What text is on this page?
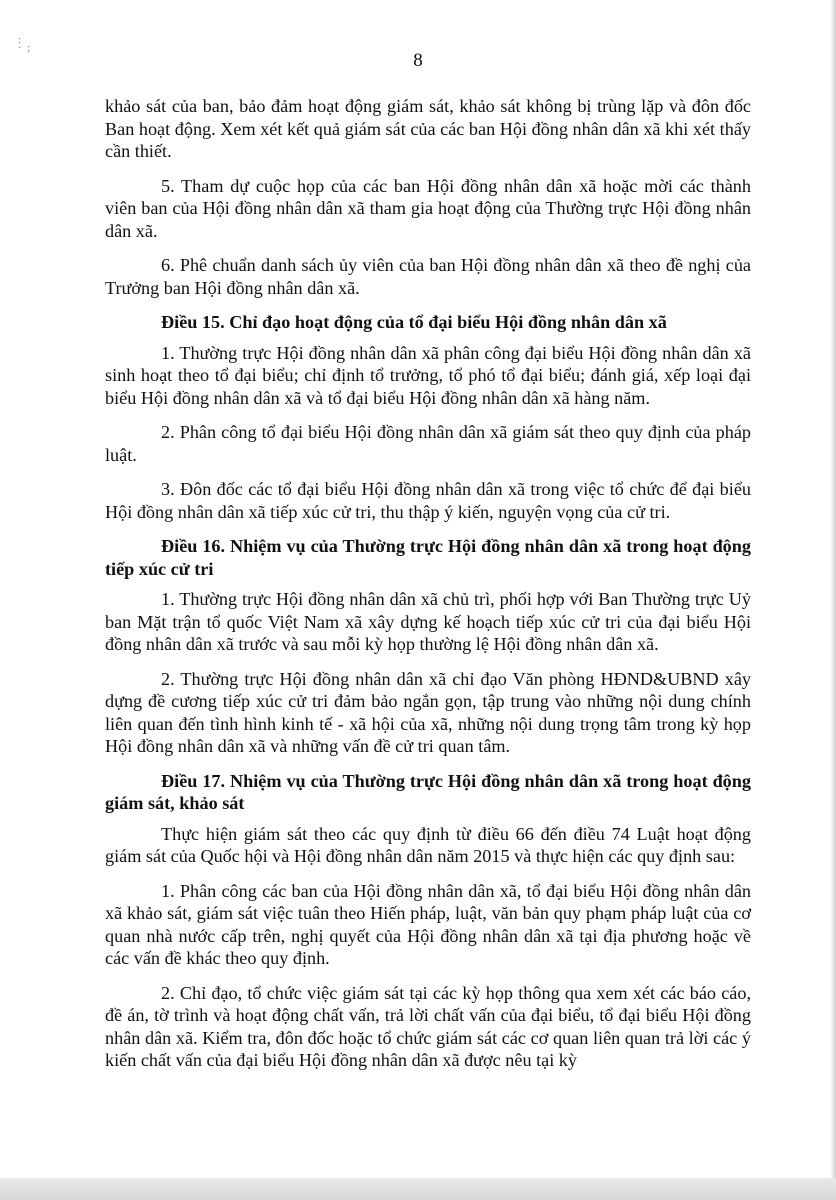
:
·  ;
8
khảo sát của ban, bảo đảm hoạt động giám sát, khảo sát không bị trùng lặp và đôn đốc Ban hoạt động. Xem xét kết quả giám sát của các ban Hội đồng nhân dân xã khi xét thấy cần thiết.
5. Tham dự cuộc họp của các ban Hội đồng nhân dân xã hoặc mời các thành viên ban của Hội đồng nhân dân xã tham gia hoạt động của Thường trực Hội đồng nhân dân xã.
6. Phê chuẩn danh sách ủy viên của ban Hội đồng nhân dân xã theo đề nghị của Trưởng ban Hội đồng nhân dân xã.
Điều 15. Chỉ đạo hoạt động của tổ đại biểu Hội đồng nhân dân xã
1. Thường trực Hội đồng nhân dân xã phân công đại biểu Hội đồng nhân dân xã sinh hoạt theo tổ đại biểu; chỉ định tổ trưởng, tổ phó tổ đại biểu; đánh giá, xếp loại đại biểu Hội đồng nhân dân xã và tổ đại biểu Hội đồng nhân dân xã hàng năm.
2. Phân công tổ đại biểu Hội đồng nhân dân xã giám sát theo quy định của pháp luật.
3. Đôn đốc các tổ đại biểu Hội đồng nhân dân xã trong việc tổ chức để đại biểu Hội đồng nhân dân xã tiếp xúc cử tri, thu thập ý kiến, nguyện vọng của cử tri.
Điều 16. Nhiệm vụ của Thường trực Hội đồng nhân dân xã trong hoạt động tiếp xúc cử tri
1. Thường trực Hội đồng nhân dân xã chủ trì, phối hợp với Ban Thường trực Uỷ ban Mặt trận tổ quốc Việt Nam xã xây dựng kế hoạch tiếp xúc cử tri của đại biểu Hội đồng nhân dân xã trước và sau mỗi kỳ họp thường lệ Hội đồng nhân dân xã.
2. Thường trực Hội đồng nhân dân xã chỉ đạo Văn phòng HĐND&UBND xây dựng đề cương tiếp xúc cử tri đảm bảo ngắn gọn, tập trung vào những nội dung chính liên quan đến tình hình kinh tế - xã hội của xã, những nội dung trọng tâm trong kỳ họp Hội đồng nhân dân xã và những vấn đề cử tri quan tâm.
Điều 17. Nhiệm vụ của Thường trực Hội đồng nhân dân xã trong hoạt động giám sát, khảo sát
Thực hiện giám sát theo các quy định từ điều 66 đến điều 74 Luật hoạt động giám sát của Quốc hội và Hội đồng nhân dân năm 2015 và thực hiện các quy định sau:
1. Phân công các ban của Hội đồng nhân dân xã, tổ đại biểu Hội đồng nhân dân xã khảo sát, giám sát việc tuân theo Hiến pháp, luật, văn bản quy phạm pháp luật của cơ quan nhà nước cấp trên, nghị quyết của Hội đồng nhân dân xã tại địa phương hoặc về các vấn đề khác theo quy định.
2. Chỉ đạo, tổ chức việc giám sát tại các kỳ họp thông qua xem xét các báo cáo, đề án, tờ trình và hoạt động chất vấn, trả lời chất vấn của đại biểu, tổ đại biểu Hội đồng nhân dân xã. Kiểm tra, đôn đốc hoặc tổ chức giám sát các cơ quan liên quan trả lời các ý kiến chất vấn của đại biểu Hội đồng nhân dân xã được nêu tại kỳ
